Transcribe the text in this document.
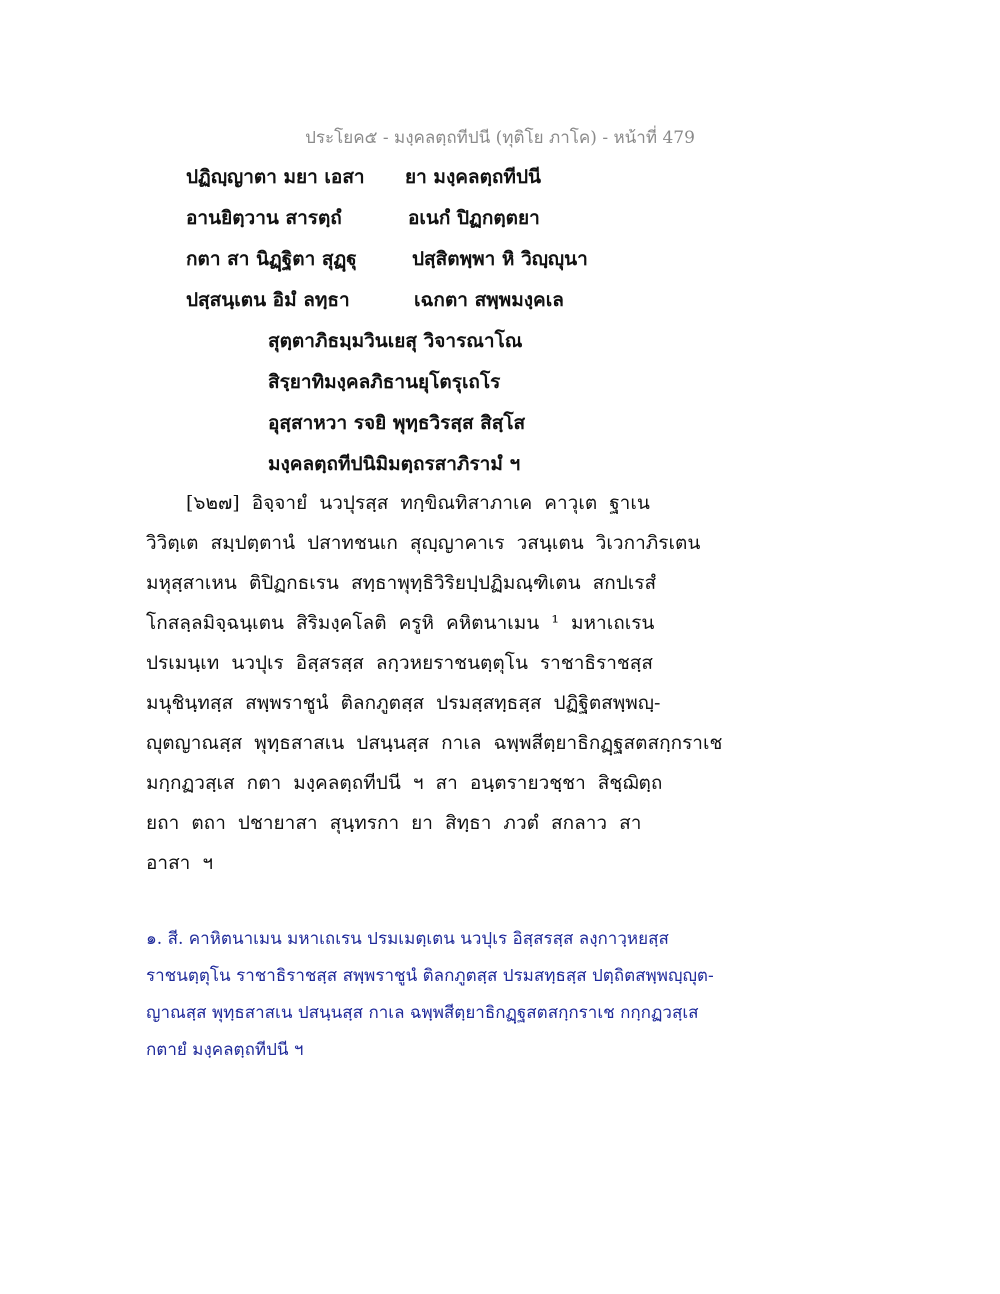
ประโยค๕ - มงฺคลตฺถทีปนี (ทุติโย ภาโค) - หน้าที่ 479
ปฏิญฺญาตา มยา เอสา ยา มงฺคลตฺถทีปนี
อานยิตฺวาน สารตฺถํ	อเนกํ ปิฏกตฺตยา
กตา สา นิฏฺฐิตา สุฏฺฐุ	ปสฺสิตพฺพา หิ วิญฺญุนา
ปสฺสนฺเตน อิมํ ลทฺธา	เฉกตา สพฺพมงฺคเล
สุตฺตาภิธมฺมวินเยสุ วิจารณาโณ
สิรฺยาทิมงฺคลภิธานยุโตรุเถโร
อุสฺสาหวา รจยิ พุทฺธวิรสฺส สิสฺโส
มงฺคลตฺถทีปนิมิมตฺถรสาภิรามํ ฯ
[๖๒๗] อิจฺจายํ นวปุรสฺส ทกฺขิณทิสาภาเค คาวุเต ฐาเน
วิวิตฺเต สมฺปตฺตานํ ปสาทชนเก สุญฺญาคาเร วสนฺเตน วิเวกาภิรเตน
มหุสฺสาเหน ติปิฏกธเรน สทฺธาพุทฺธิวิริยปฺปฏิมณฺฑิเตน สกปเรสํ
โกสลฺลมิจฺฉนฺเตน สิริมงฺคโลติ ครูหิ คหิตนาเมน ¹ มหาเถเรน
ปรเมนฺเท นวปุเร อิสฺสรสฺส ลกฺวหยราชนตฺตุโน ราชาธิราชสฺส
มนุชินฺทสฺส สพฺพราชูนํ ติลกภูตสฺส ปรมสฺสทฺธสฺส ปฏิฐิตสพฺพญฺ-
ญุตญาณสฺส พุทฺธสาสเน ปสนฺนสฺส กาเล ฉพฺพสีตฺยาธิกฏฺฐสตสกฺกราเช
มกฺกฏวสฺเส กตา มงฺคลตฺถทีปนี ฯ สา อนฺตรายวชฺชา สิชฺฌิตฺถ
ยถา ตถา ปชายาสา สุนฺทรกา ยา สิทฺธา ภวตํ สกลาว สา
อาสา ฯ
๑. สี. คาหิตนาเมน มหาเถเรน ปรมเมตฺเตน นวปุเร อิสฺสรสฺส ลงฺกาวฺหยสฺส
ราชนตฺตุโน ราชาธิราชสฺส สพฺพราชูนํ ติลกภูตสฺส ปรมสทฺธสฺส ปตฺถิตสพฺพญฺญุต-
ญาณสฺส พุทฺธสาสเน ปสนฺนสฺส กาเล ฉพฺพสีตฺยาธิกฏฺฐสตสกฺกราเช กกฺกฏวสฺเส
กตายํ มงฺคลตฺถทีปนี ฯ
